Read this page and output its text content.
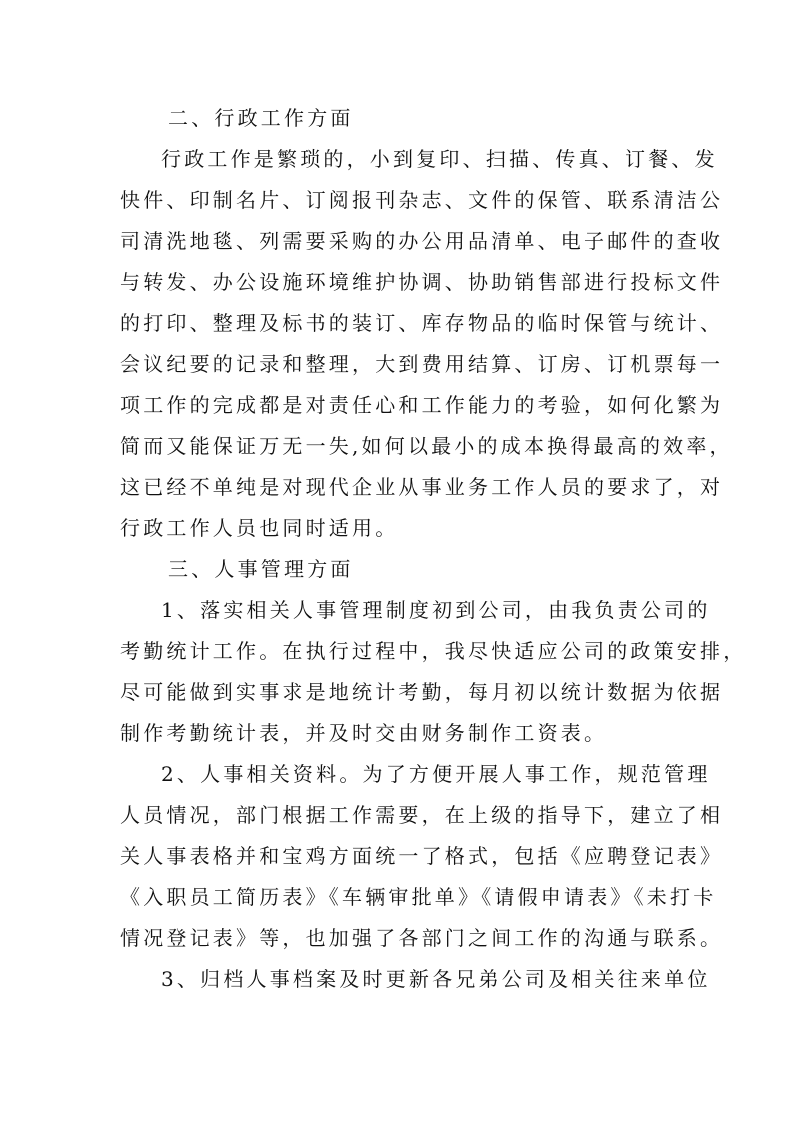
二、行政工作方面
行政工作是繁琐的，小到复印、扫描、传真、订餐、发
快件、印制名片、订阅报刊杂志、文件的保管、联系清洁公
司清洗地毯、列需要采购的办公用品清单、电子邮件的查收
与转发、办公设施环境维护协调、协助销售部进行投标文件
的打印、整理及标书的装订、库存物品的临时保管与统计、
会议纪要的记录和整理，大到费用结算、订房、订机票每一
项工作的完成都是对责任心和工作能力的考验，如何化繁为
简而又能保证万无一失,如何以最小的成本换得最高的效率，
这已经不单纯是对现代企业从事业务工作人员的要求了，对
行政工作人员也同时适用。
三、人事管理方面
1、落实相关人事管理制度初到公司，由我负责公司的
考勤统计工作。在执行过程中，我尽快适应公司的政策安排，
尽可能做到实事求是地统计考勤，每月初以统计数据为依据
制作考勤统计表，并及时交由财务制作工资表。
2、人事相关资料。为了方便开展人事工作，规范管理
人员情况，部门根据工作需要，在上级的指导下，建立了相
关人事表格并和宝鸡方面统一了格式，包括《应聘登记表》
《入职员工简历表》《车辆审批单》《请假申请表》《未打卡
情况登记表》等，也加强了各部门之间工作的沟通与联系。
3、归档人事档案及时更新各兄弟公司及相关往来单位
